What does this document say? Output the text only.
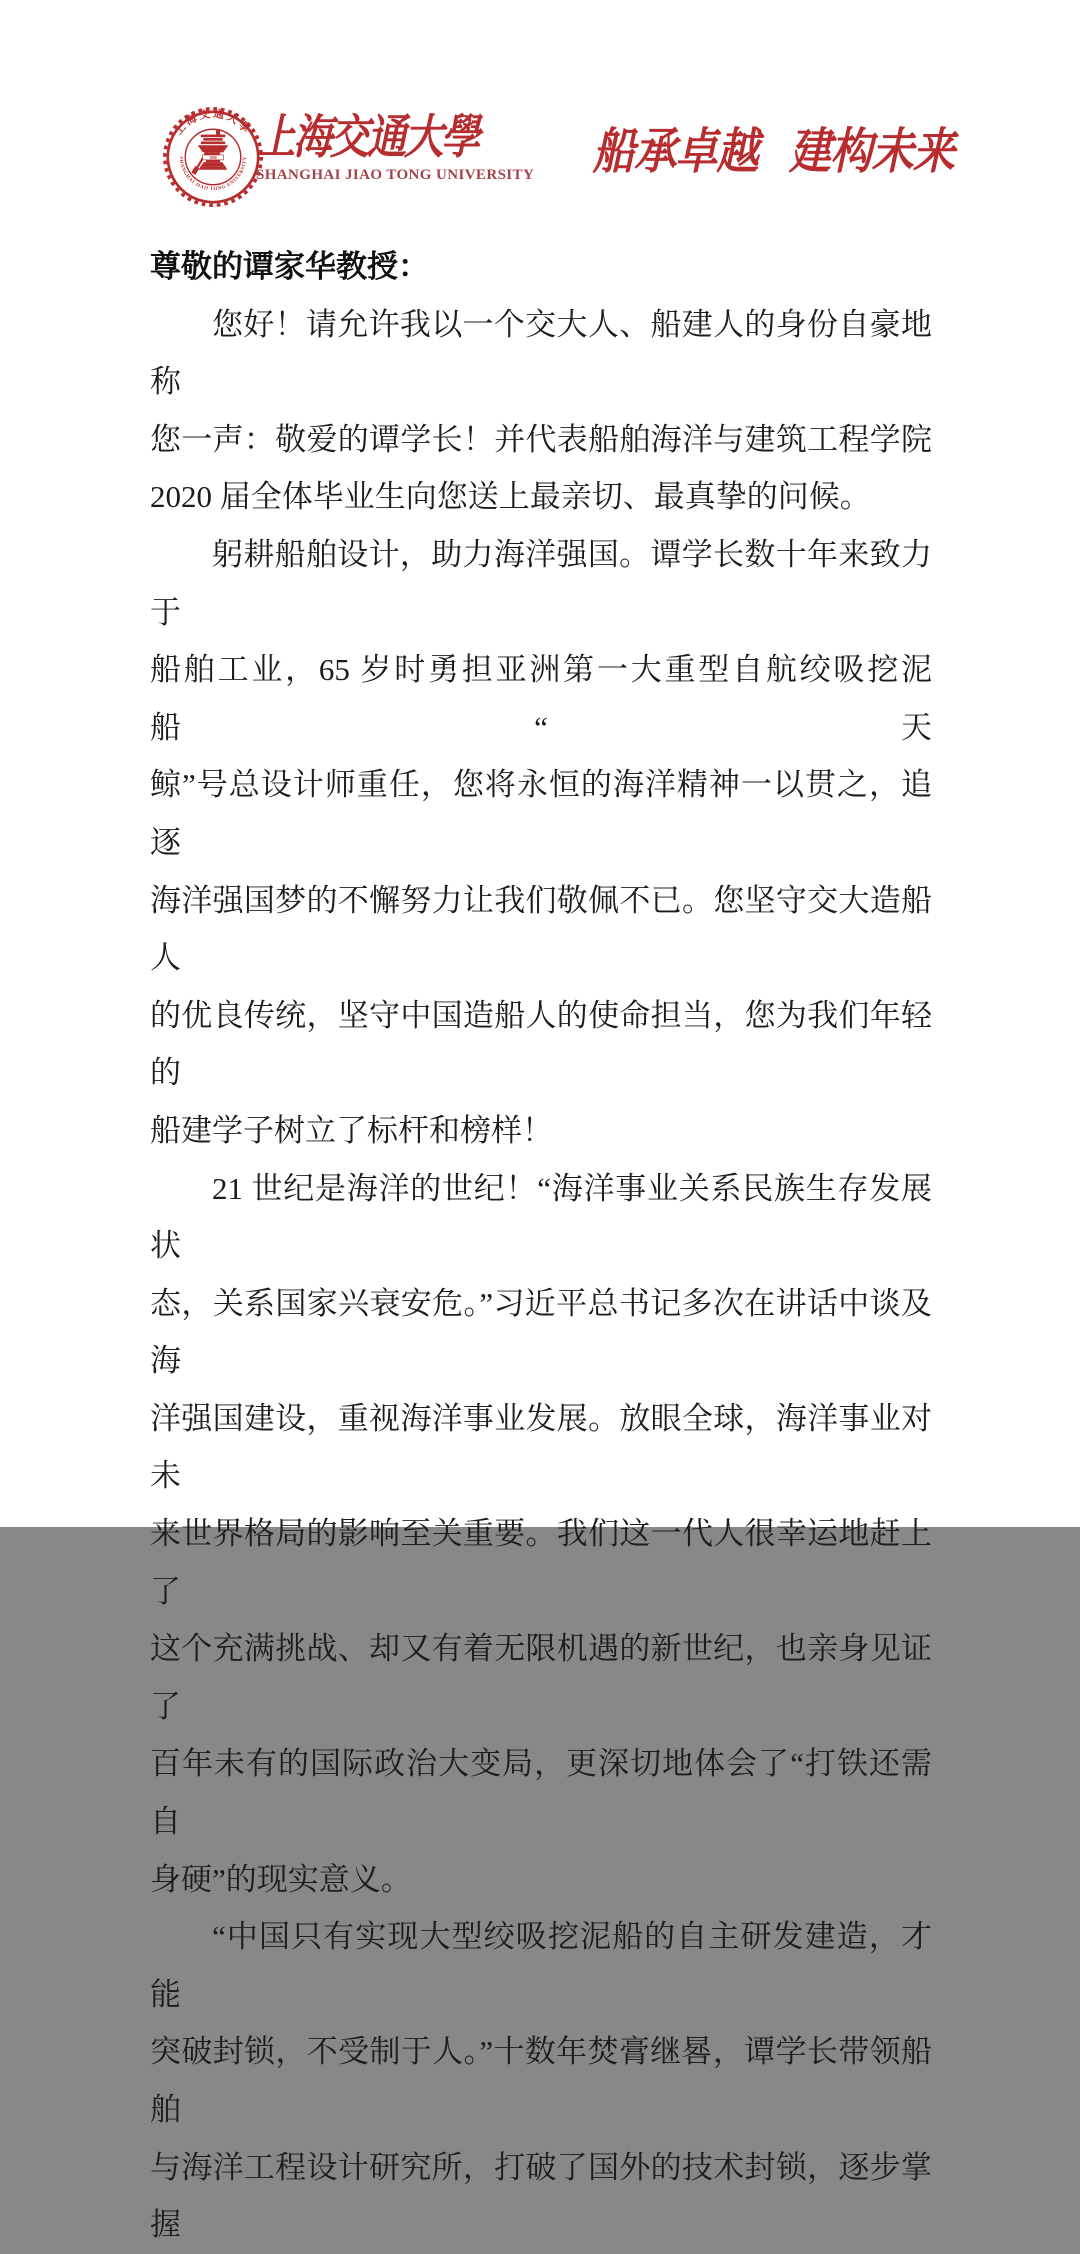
上海交通大學
SHANGHAI JIAO TONG UNIVERSITY
1896 上海交通大學
SHANGHAI JIAO TONG UNIVERSITY 船承卓越 建构未来
尊敬的谭家华教授：
您好！请允许我以一个交大人、船建人的身份自豪地称
您一声：敬爱的谭学长！并代表船舶海洋与建筑工程学院
2020 届全体毕业生向您送上最亲切、最真挚的问候。
躬耕船舶设计，助力海洋强国。谭学长数十年来致力于
船舶工业，65 岁时勇担亚洲第一大重型自航绞吸挖泥船“天
鲸”号总设计师重任，您将永恒的海洋精神一以贯之，追逐
海洋强国梦的不懈努力让我们敬佩不已。您坚守交大造船人
的优良传统，坚守中国造船人的使命担当，您为我们年轻的
船建学子树立了标杆和榜样！
21 世纪是海洋的世纪！“海洋事业关系民族生存发展状
态，关系国家兴衰安危。”习近平总书记多次在讲话中谈及海
洋强国建设，重视海洋事业发展。放眼全球，海洋事业对未
来世界格局的影响至关重要。我们这一代人很幸运地赶上了
这个充满挑战、却又有着无限机遇的新世纪，也亲身见证了
百年未有的国际政治大变局，更深切地体会了“打铁还需自
身硬”的现实意义。
“中国只有实现大型绞吸挖泥船的自主研发建造，才能
突破封锁，不受制于人。”十数年焚膏继晷，谭学长带领船舶
与海洋工程设计研究所，打破了国外的技术封锁，逐步掌握
